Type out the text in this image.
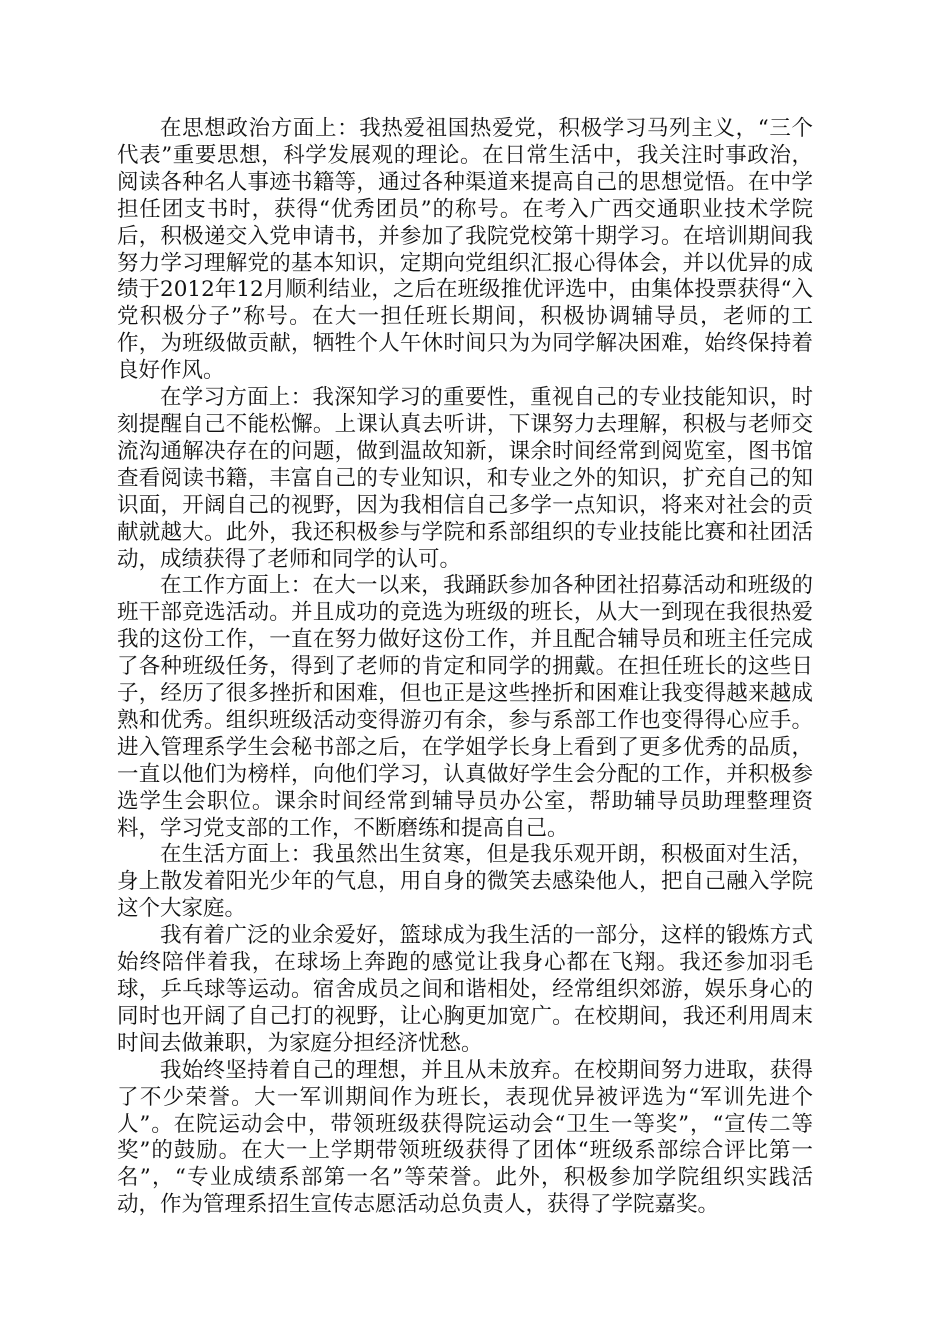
在思想政治方面上：我热爱祖国热爱党，积极学习马列主义，“三个代表”重要思想，科学发展观的理论。在日常生活中，我关注时事政治，阅读各种名人事迹书籍等，通过各种渠道来提高自己的思想觉悟。在中学担任团支书时，获得“优秀团员”的称号。在考入广西交通职业技术学院后，积极递交入党申请书，并参加了我院党校第十期学习。在培训期间我努力学习理解党的基本知识，定期向党组织汇报心得体会，并以优异的成绩于2012年12月顺利结业，之后在班级推优评选中，由集体投票获得“入党积极分子”称号。在大一担任班长期间，积极协调辅导员，老师的工作，为班级做贡献，牺牲个人午休时间只为为同学解决困难，始终保持着良好作风。

在学习方面上：我深知学习的重要性，重视自己的专业技能知识，时刻提醒自己不能松懈。上课认真去听讲，下课努力去理解，积极与老师交流沟通解决存在的问题，做到温故知新，课余时间经常到阅览室，图书馆查看阅读书籍，丰富自己的专业知识，和专业之外的知识，扩充自己的知识面，开阔自己的视野，因为我相信自己多学一点知识，将来对社会的贡献就越大。此外，我还积极参与学院和系部组织的专业技能比赛和社团活动，成绩获得了老师和同学的认可。

在工作方面上：在大一以来，我踊跃参加各种团社招募活动和班级的班干部竞选活动。并且成功的竞选为班级的班长，从大一到现在我很热爱我的这份工作，一直在努力做好这份工作，并且配合辅导员和班主任完成了各种班级任务，得到了老师的肯定和同学的拥戴。在担任班长的这些日子，经历了很多挫折和困难，但也正是这些挫折和困难让我变得越来越成熟和优秀。组织班级活动变得游刃有余，参与系部工作也变得得心应手。进入管理系学生会秘书部之后，在学姐学长身上看到了更多优秀的品质，一直以他们为榜样，向他们学习，认真做好学生会分配的工作，并积极参选学生会职位。课余时间经常到辅导员办公室，帮助辅导员助理整理资料，学习党支部的工作，不断磨练和提高自己。

在生活方面上：我虽然出生贫寒，但是我乐观开朗，积极面对生活，身上散发着阳光少年的气息，用自身的微笑去感染他人，把自己融入学院这个大家庭。

我有着广泛的业余爱好，篮球成为我生活的一部分，这样的锻炼方式始终陪伴着我，在球场上奔跑的感觉让我身心都在飞翔。我还参加羽毛球，乒乓球等运动。宿舍成员之间和谐相处，经常组织郊游，娱乐身心的同时也开阔了自己打的视野，让心胸更加宽广。在校期间，我还利用周末时间去做兼职，为家庭分担经济忧愁。

我始终坚持着自己的理想，并且从未放弃。在校期间努力进取，获得了不少荣誉。大一军训期间作为班长，表现优异被评选为“军训先进个人”。在院运动会中，带领班级获得院运动会“卫生一等奖”，“宣传二等奖”的鼓励。在大一上学期带领班级获得了团体“班级系部综合评比第一 名”，“专业成绩系部第一名”等荣誉。此外，积极参加学院组织实践活动，作为管理系招生宣传志愿活动总负责人，获得了学院嘉奖。
